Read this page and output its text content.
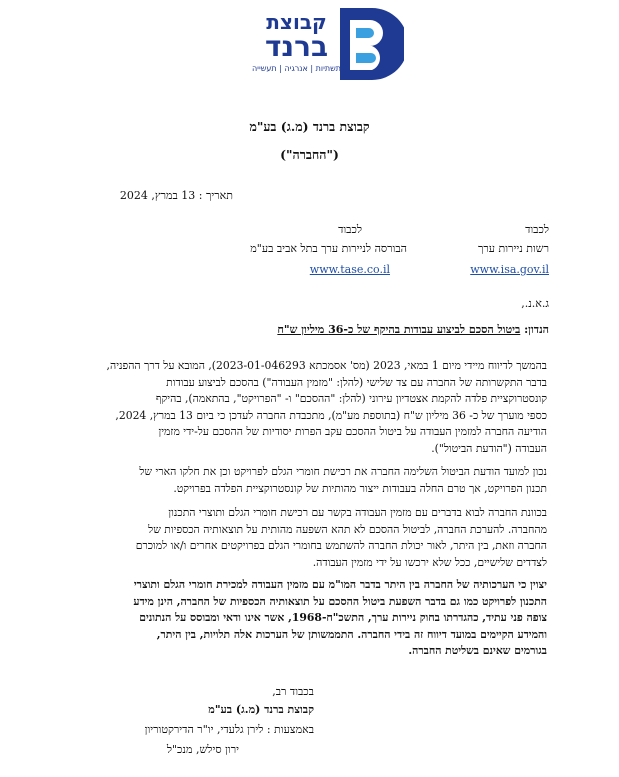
קבוצת
ברנד
תשתיות | אנרגיה | תעשייה
קבוצת ברנד (מ.ג) בע"מ
("החברה")
תאריך : 13 במרץ, 2024
לכבוד
רשות ניירות ערך
www.isa.gov.il
לכבוד
הבורסה לניירות ערך בתל אביב בע"מ
www.tase.co.il
ג.א.נ.,
הנדון: ביטול הסכם לביצוע עבודות בהיקף של כ-36 מיליון ש"ח
בהמשך לדיווח מיידי מיום 1 במאי, 2023 (מס' אסמכתא 2023-01-046293), המובא על דרך ההפניה,
בדבר התקשרותה של החברה עם צד שלישי (להלן: "מזמין העבודה") בהסכם לביצוע עבודות
קונסטרוקציית פלדה להקמת אצטדיון עירוני (להלן: "ההסכם" ו- "הפרויקט", בהתאמה), בהיקף
כספי מוערך של כ- 36 מיליון ש"ח (בתוספת מע"מ), מתכבדת החברה לעדכן כי ביום 13 במרץ, 2024,
הודיעה החברה למזמין העבודה על ביטול ההסכם עקב הפרות יסודיות של ההסכם על-ידי מזמין
העבודה ("הודעת הביטול").
נכון למועד הודעת הביטול השלימה החברה את רכישת חומרי הגלם לפרויקט וכן את חלקו הארי של
תכנון הפרויקט, אך טרם החלה בעבודות ייצור מהותיות של קונסטרוקציית הפלדה בפרויקט.
בכוונת החברה לבוא בדברים עם מזמין העבודה בקשר עם רכישת חומרי הגלם ותוצרי התכנון
מהחברה. להערכת החברה, לביטול ההסכם לא תהא השפעה מהותית על תוצאותיה הכספיות של
החברה וזאת, בין היתר, לאור יכולת החברה להשתמש בחומרי הגלם בפרויקטים אחרים ו/או למוכרם
לצדדים שלישיים, ככל שלא ירכשו על ידי מזמין העבודה.
יצוין כי הערכותיה של החברה בין היתר בדבר המו"מ עם מזמין העבודה למכירת חומרי הגלם ותוצרי
התכנון לפרויקט כמו גם בדבר השפעת ביטול ההסכם על תוצאותיה הכספיות של החברה, הינן מידע
צופה פני עתיד, כהגדרתו בחוק ניירות ערך, התשכ"ח-1968, אשר אינו ודאי ומבוסס על הנתונים
והמידע הקיימים במועד דיווח זה בידי החברה. התממשותן של הערכות אלה תלויות, בין היתר,
בגורמים שאינם בשליטת החברה.
בכבוד רב,
קבוצת ברנד (מ.ג) בע"מ
באמצעות : לירן גלעדי, יו"ר הדירקטוריון
ירון סילש, מנכ"ל
